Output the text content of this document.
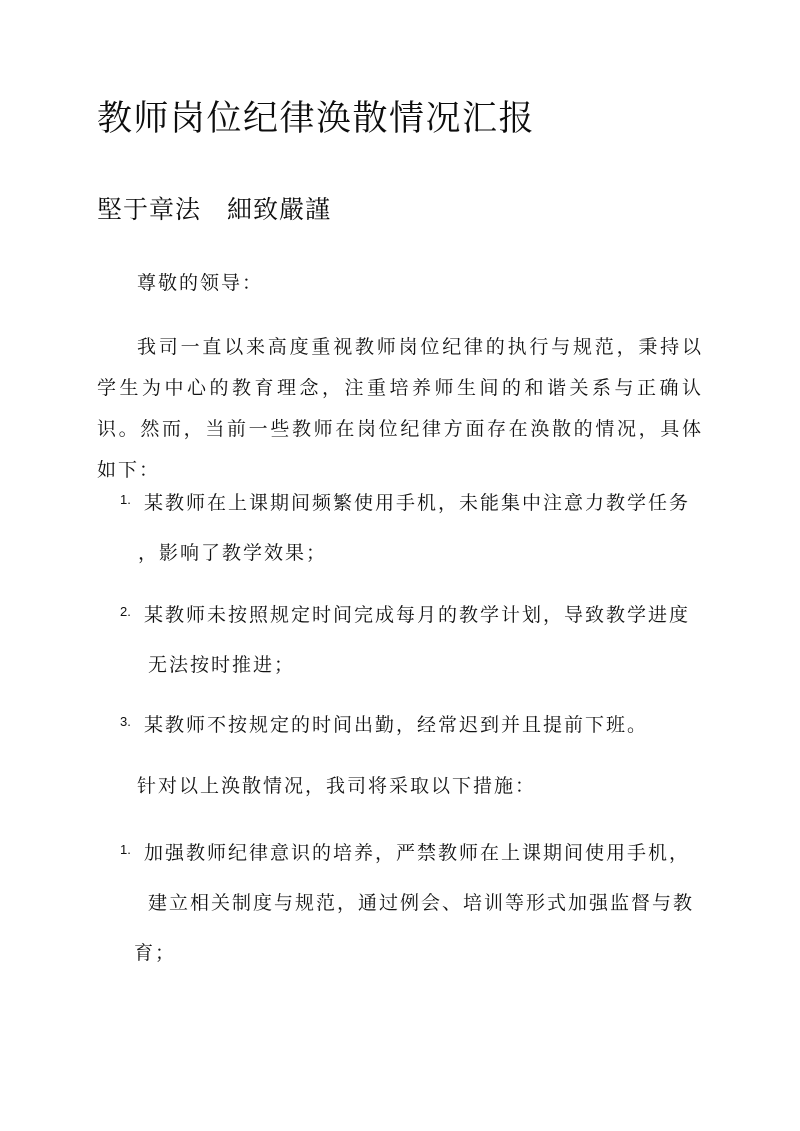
教师岗位纪律涣散情况汇报
堅于章法 細致嚴謹
尊敬的领导：
我司一直以来高度重视教师岗位纪律的执行与规范，秉持以学生为中心的教育理念，注重培养师生间的和谐关系与正确认识。然而，当前一些教师在岗位纪律方面存在涣散的情况，具体如下：
1. 某教师在上课期间频繁使用手机，未能集中注意力教学任务
，影响了教学效果；
2. 某教师未按照规定时间完成每月的教学计划，导致教学进度
无法按时推进；
3. 某教师不按规定的时间出勤，经常迟到并且提前下班。
针对以上涣散情况，我司将采取以下措施：
1. 加强教师纪律意识的培养，严禁教师在上课期间使用手机，
建立相关制度与规范，通过例会、培训等形式加强监督与教
育；
